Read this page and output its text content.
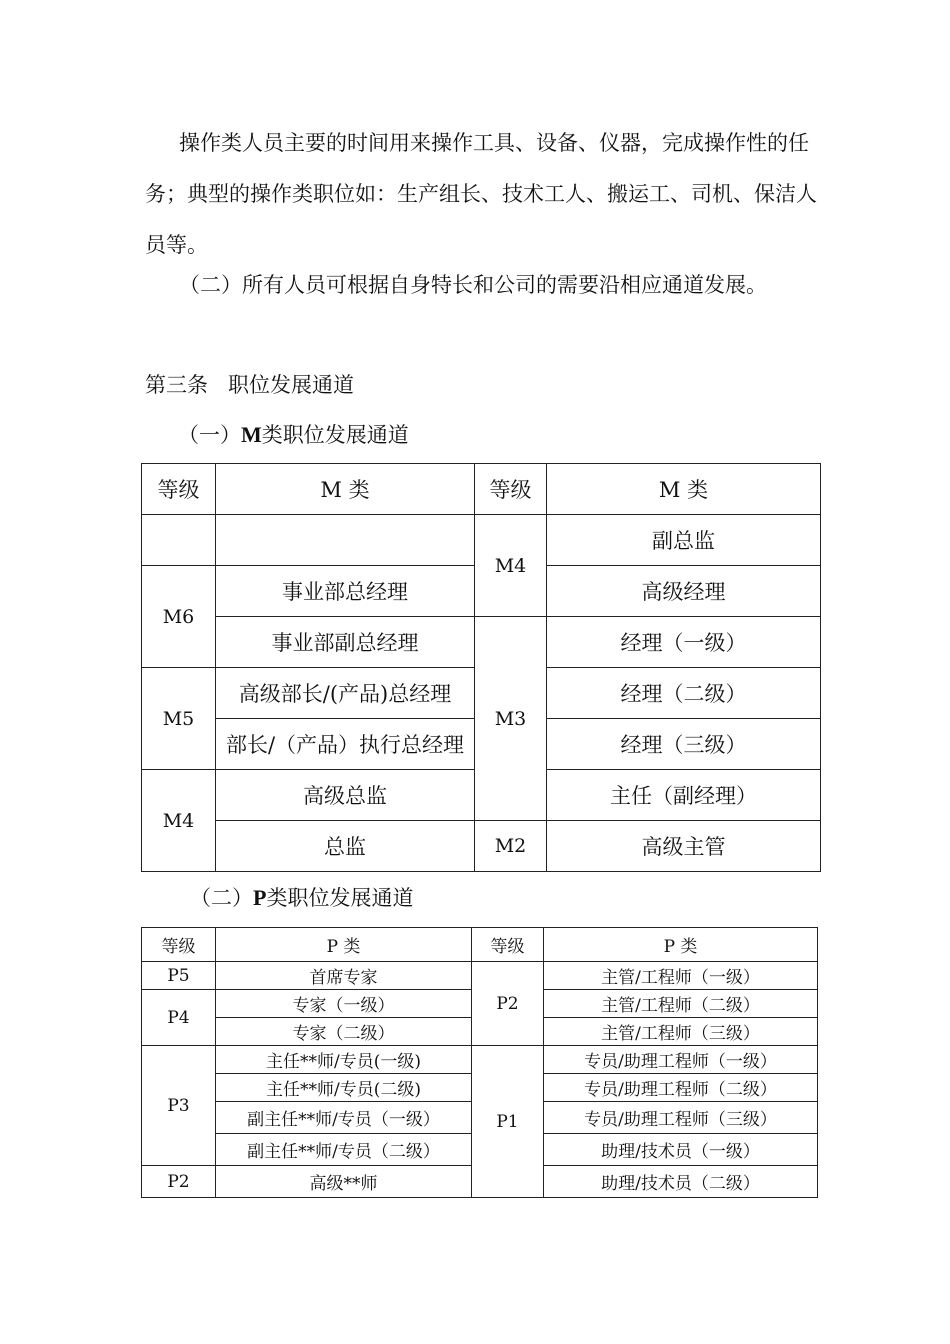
操作类人员主要的时间用来操作工具、设备、仪器，完成操作性的任务；典型的操作类职位如：生产组长、技术工人、搬运工、司机、保洁人员等。

（二）所有人员可根据自身特长和公司的需要沿相应通道发展。

第三条 职位发展通道

（一）M类职位发展通道

等级	M 类	等级	M 类
		M4	副总监
M6	事业部总经理		高级经理
	事业部副总经理	M3	经理（一级）
M5	高级部长/(产品)总经理		经理（二级）
	部长/（产品）执行总经理		经理（三级）
M4	高级总监		主任（副经理）
	总监	M2	高级主管

（二）P类职位发展通道

等级	P 类	等级	P 类
P5	首席专家	P2	主管/工程师（一级）
P4	专家（一级）		主管/工程师（二级）
	专家（二级）		主管/工程师（三级）
P3	主任**师/专员(一级)	P1	专员/助理工程师（一级）
	主任**师/专员(二级)		专员/助理工程师（二级）
	副主任**师/专员（一级）		专员/助理工程师（三级）
	副主任**师/专员（二级）		助理/技术员（一级）
P2	高级**师		助理/技术员（二级）
